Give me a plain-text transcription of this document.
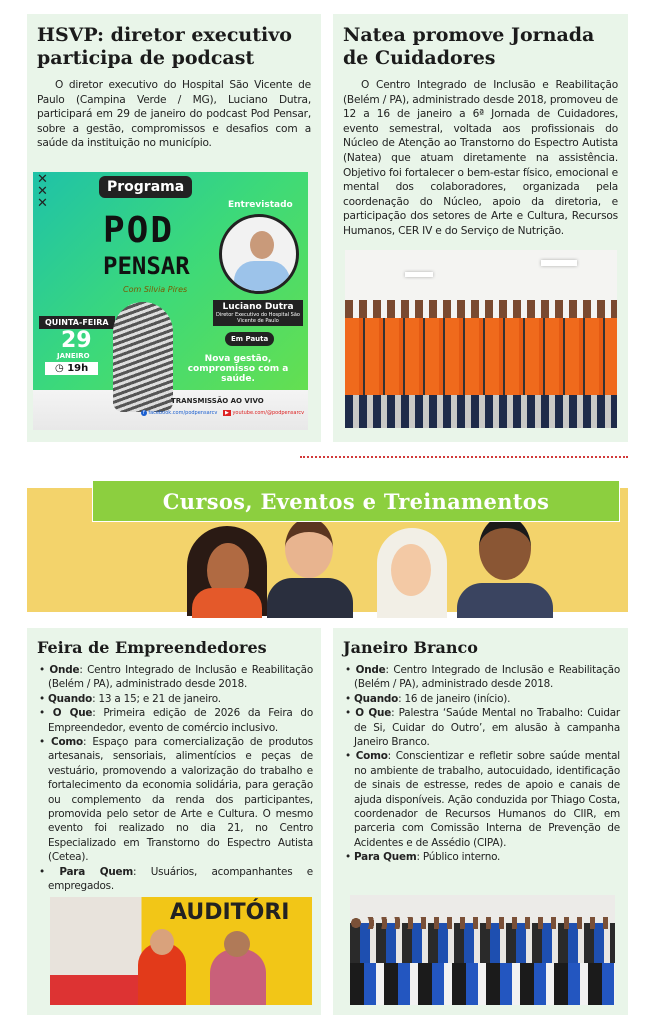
HSVP: diretor executivo participa de podcast

O diretor executivo do Hospital São Vicente de Paulo (Campina Verde / MG), Luciano Dutra, participará em 29 de janeiro do podcast Pod Pensar, sobre a gestão, compromissos e desafios com a saúde da instituição no município.

✕
✕
✕
Programa
POD
PENSAR
Com Silvia Pires
Entrevistado
Luciano Dutra
Diretor Executivo do Hospital São Vicente de Paulo
QUINTA-FEIRA
29
JANEIRO
◷ 19h
Em Pauta
Nova gestão, compromisso com a saúde.
TRANSMISSÃO AO VIVO
f facebook.com/podpensarcv	▶ youtube.com/@podpensarcv
Natea promove Jornada de Cuidadores

O Centro Integrado de Inclusão e Reabilitação (Belém / PA), administrado desde 2018, promoveu de 12 a 16 de janeiro a 6ª Jornada de Cuidadores, evento semestral, voltada aos profissionais do Núcleo de Atenção ao Transtorno do Espectro Autista (Natea) que atuam diretamente na assistência. Objetivo foi fortalecer o bem-estar físico, emocional e mental dos colaboradores, organizada pela coordenação do Núcleo, apoio da diretoria, e participação dos setores de Arte e Cultura, Recursos Humanos, CER IV e do Serviço de Nutrição.

Cursos, Eventos e Treinamentos
Feira de Empreendedores
• Onde: Centro Integrado de Inclusão e Reabilitação (Belém / PA), administrado desde 2018.
• Quando: 13 a 15; e 21 de janeiro.
• O Que: Primeira edição de 2026 da Feira do Empreendedor, evento de comércio inclusivo.
• Como: Espaço para comercialização de produtos artesanais, sensoriais, alimentícios e peças de vestuário, promovendo a valorização do trabalho e fortalecimento da economia solidária, para geração ou complemento da renda dos participantes, promovida pelo setor de Arte e Cultura. O mesmo evento foi realizado no dia 21, no Centro Especializado em Transtorno do Espectro Autista (Cetea).
• Para Quem: Usuários, acompanhantes e empregados.
AUDITÓRI
Janeiro Branco
• Onde: Centro Integrado de Inclusão e Reabilitação (Belém / PA), administrado desde 2018.
• Quando: 16 de janeiro (início).
• O Que: Palestra ‘Saúde Mental no Trabalho: Cuidar de Si, Cuidar do Outro’, em alusão à campanha Janeiro Branco.
• Como: Conscientizar e refletir sobre saúde mental no ambiente de trabalho, autocuidado, identificação de sinais de estresse, redes de apoio e canais de ajuda disponíveis. Ação conduzida por Thiago Costa, coordenador de Recursos Humanos do CIIR, em parceria com Comissão Interna de Prevenção de Acidentes e de Assédio (CIPA).
• Para Quem: Público interno.
